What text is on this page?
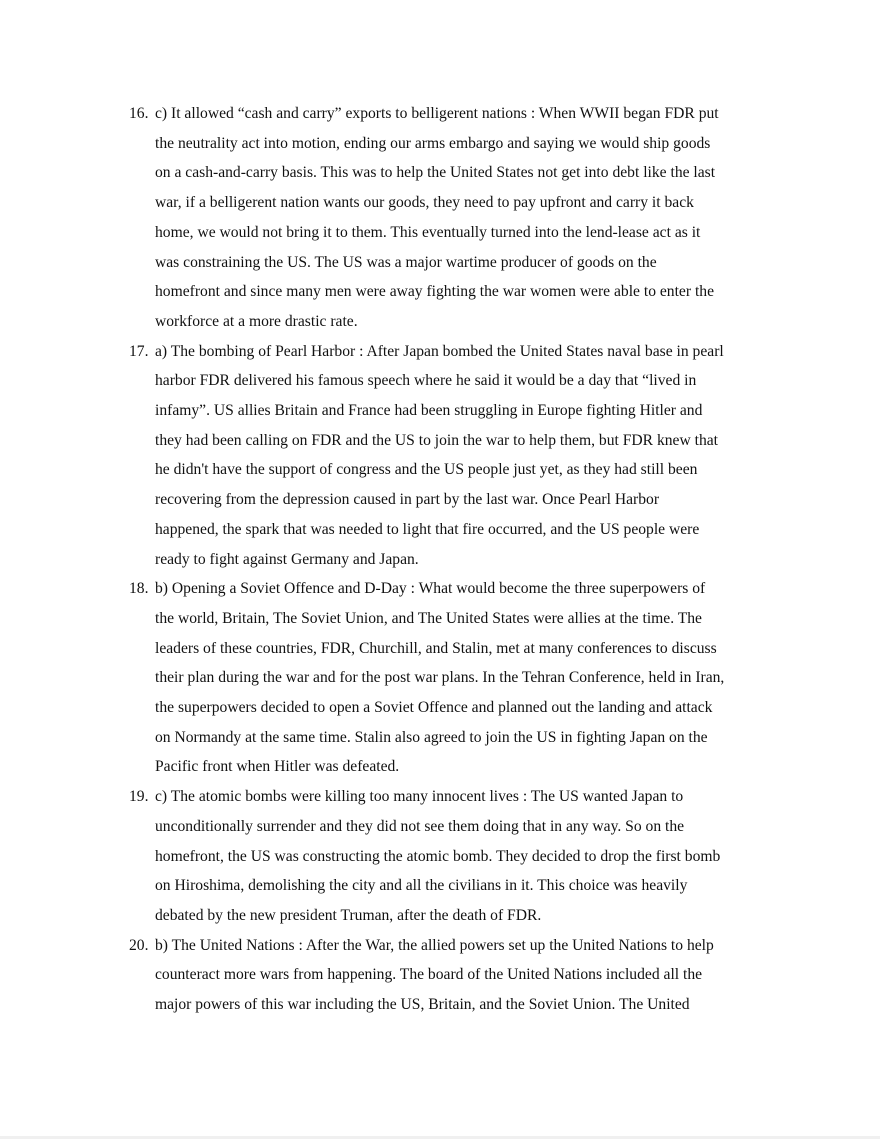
16. c) It allowed “cash and carry” exports to belligerent nations : When WWII began FDR put
the neutrality act into motion, ending our arms embargo and saying we would ship goods
on a cash-and-carry basis. This was to help the United States not get into debt like the last
war, if a belligerent nation wants our goods, they need to pay upfront and carry it back
home, we would not bring it to them. This eventually turned into the lend-lease act as it
was constraining the US. The US was a major wartime producer of goods on the
homefront and since many men were away fighting the war women were able to enter the
workforce at a more drastic rate.
17. a) The bombing of Pearl Harbor : After Japan bombed the United States naval base in pearl
harbor FDR delivered his famous speech where he said it would be a day that “lived in
infamy”. US allies Britain and France had been struggling in Europe fighting Hitler and
they had been calling on FDR and the US to join the war to help them, but FDR knew that
he didn't have the support of congress and the US people just yet, as they had still been
recovering from the depression caused in part by the last war. Once Pearl Harbor
happened, the spark that was needed to light that fire occurred, and the US people were
ready to fight against Germany and Japan.
18. b) Opening a Soviet Offence and D-Day : What would become the three superpowers of
the world, Britain, The Soviet Union, and The United States were allies at the time. The
leaders of these countries, FDR, Churchill, and Stalin, met at many conferences to discuss
their plan during the war and for the post war plans. In the Tehran Conference, held in Iran,
the superpowers decided to open a Soviet Offence and planned out the landing and attack
on Normandy at the same time. Stalin also agreed to join the US in fighting Japan on the
Pacific front when Hitler was defeated.
19. c) The atomic bombs were killing too many innocent lives : The US wanted Japan to
unconditionally surrender and they did not see them doing that in any way. So on the
homefront, the US was constructing the atomic bomb. They decided to drop the first bomb
on Hiroshima, demolishing the city and all the civilians in it. This choice was heavily
debated by the new president Truman, after the death of FDR.
20. b) The United Nations : After the War, the allied powers set up the United Nations to help
counteract more wars from happening. The board of the United Nations included all the
major powers of this war including the US, Britain, and the Soviet Union. The United
